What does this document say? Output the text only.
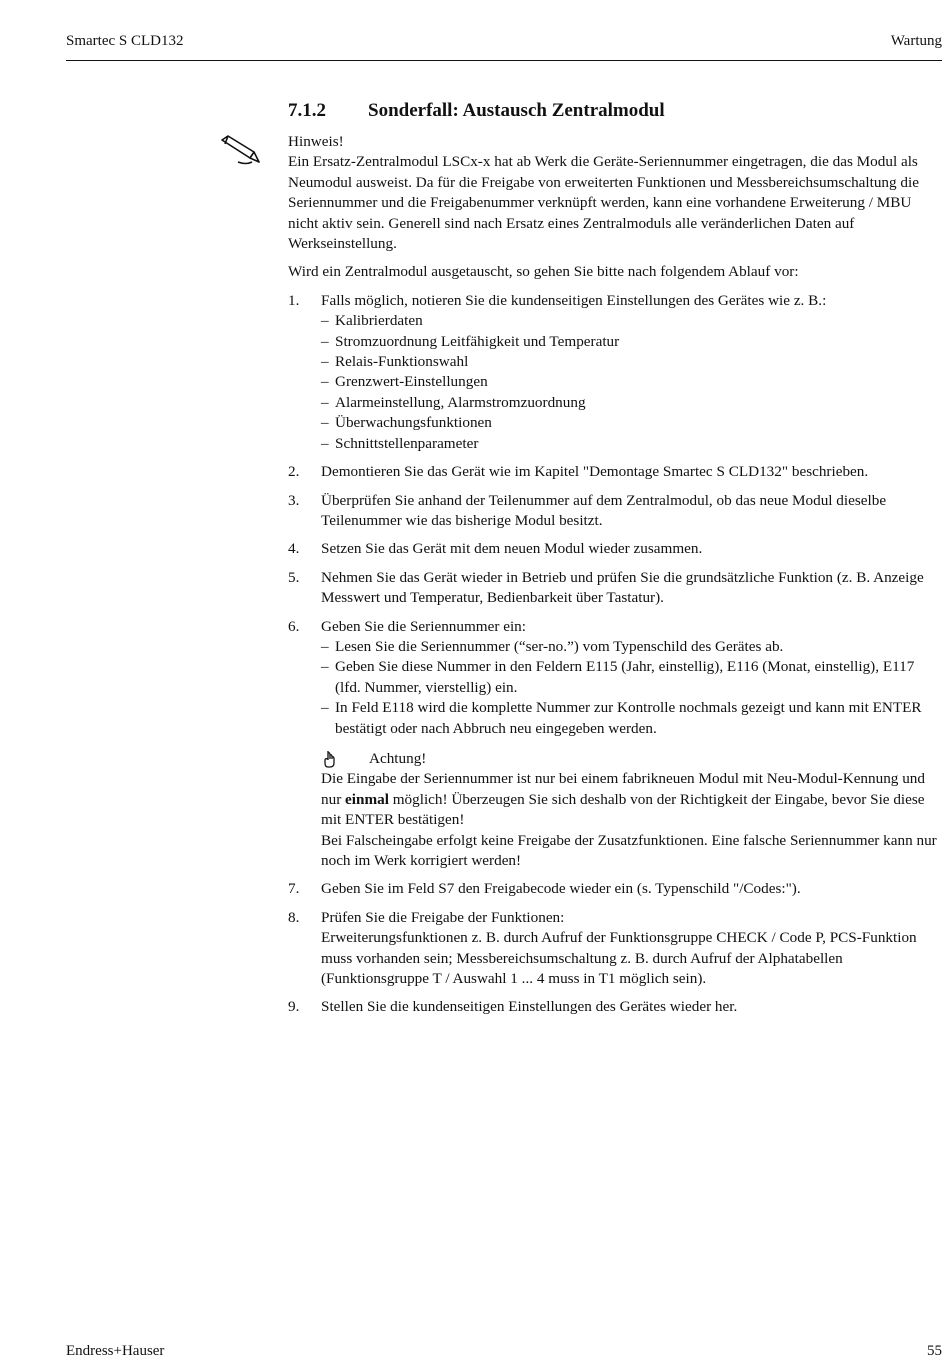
Smartec S CLD132	Wartung
7.1.2 Sonderfall: Austausch Zentralmodul

Hinweis!

Ein Ersatz-Zentralmodul LSCx-x hat ab Werk die Geräte-Seriennummer eingetragen, die das Modul als Neumodul ausweist. Da für die Freigabe von erweiterten Funktionen und Messbereichsumschaltung die Seriennummer und die Freigabenummer verknüpft werden, kann eine vorhandene Erweiterung / MBU nicht aktiv sein. Generell sind nach Ersatz eines Zentralmoduls alle veränderlichen Daten auf Werkseinstellung.

Wird ein Zentralmodul ausgetauscht, so gehen Sie bitte nach folgendem Ablauf vor:

1. Falls möglich, notieren Sie die kundenseitigen Einstellungen des Gerätes wie z. B.:
– Kalibrierdaten
– Stromzuordnung Leitfähigkeit und Temperatur
– Relais-Funktionswahl
– Grenzwert-Einstellungen
– Alarmeinstellung, Alarmstromzuordnung
– Überwachungsfunktionen
– Schnittstellenparameter
2. Demontieren Sie das Gerät wie im Kapitel "Demontage Smartec S CLD132" beschrieben.
3. Überprüfen Sie anhand der Teilenummer auf dem Zentralmodul, ob das neue Modul dieselbe Teilenummer wie das bisherige Modul besitzt.
4. Setzen Sie das Gerät mit dem neuen Modul wieder zusammen.
5. Nehmen Sie das Gerät wieder in Betrieb und prüfen Sie die grundsätzliche Funktion (z. B. Anzeige Messwert und Temperatur, Bedienbarkeit über Tastatur).
6. Geben Sie die Seriennummer ein:
– Lesen Sie die Seriennummer (“ser-no.”) vom Typenschild des Gerätes ab.
– Geben Sie diese Nummer in den Feldern E115 (Jahr, einstellig), E116 (Monat, einstellig), E117 (lfd. Nummer, vierstellig) ein.
– In Feld E118 wird die komplette Nummer zur Kontrolle nochmals gezeigt und kann mit ENTER bestätigt oder nach Abbruch neu eingegeben werden.
Achtung!

Die Eingabe der Seriennummer ist nur bei einem fabrikneuen Modul mit Neu-Modul-Kennung und nur einmal möglich! Überzeugen Sie sich deshalb von der Richtigkeit der Eingabe, bevor Sie diese mit ENTER bestätigen!

Bei Falscheingabe erfolgt keine Freigabe der Zusatzfunktionen. Eine falsche Seriennummer kann nur noch im Werk korrigiert werden!

7. Geben Sie im Feld S7 den Freigabecode wieder ein (s. Typenschild "/Codes:").
8. Prüfen Sie die Freigabe der Funktionen:
Erweiterungsfunktionen z. B. durch Aufruf der Funktionsgruppe CHECK / Code P, PCS-Funktion muss vorhanden sein; Messbereichsumschaltung z. B. durch Aufruf der Alphatabellen (Funktionsgruppe T / Auswahl 1 ... 4 muss in T1 möglich sein).
9. Stellen Sie die kundenseitigen Einstellungen des Gerätes wieder her.
Endress+Hauser	55
